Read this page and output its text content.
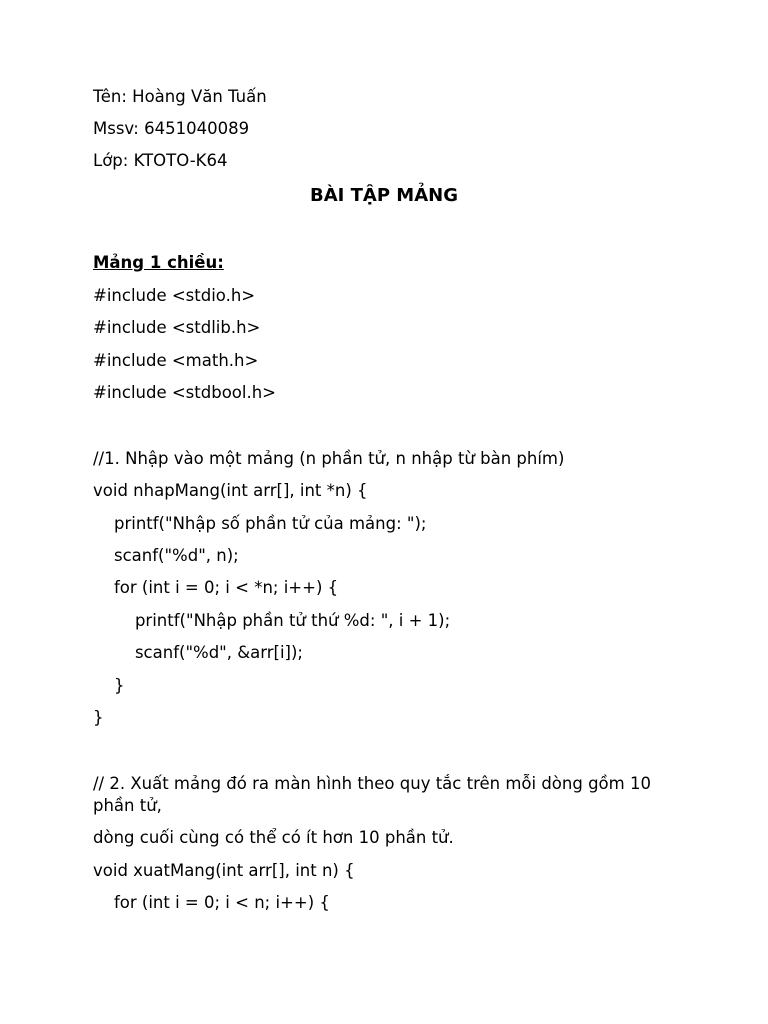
Tên: Hoàng Văn Tuấn
Mssv: 6451040089
Lớp: KTOTO-K64
BÀI TẬP MẢNG
Mảng 1 chiều:
#include <stdio.h>
#include <stdlib.h>
#include <math.h>
#include <stdbool.h>
//1. Nhập vào một mảng (n phần tử, n nhập từ bàn phím)
void nhapMang(int arr[], int *n) {
printf("Nhập số phần tử của mảng: ");
scanf("%d", n);
for (int i = 0; i < *n; i++) {
printf("Nhập phần tử thứ %d: ", i + 1);
scanf("%d", &arr[i]);
}
}
// 2. Xuất mảng đó ra màn hình theo quy tắc trên mỗi dòng gồm 10 phần tử,
dòng cuối cùng có thể có ít hơn 10 phần tử.
void xuatMang(int arr[], int n) {
for (int i = 0; i < n; i++) {
